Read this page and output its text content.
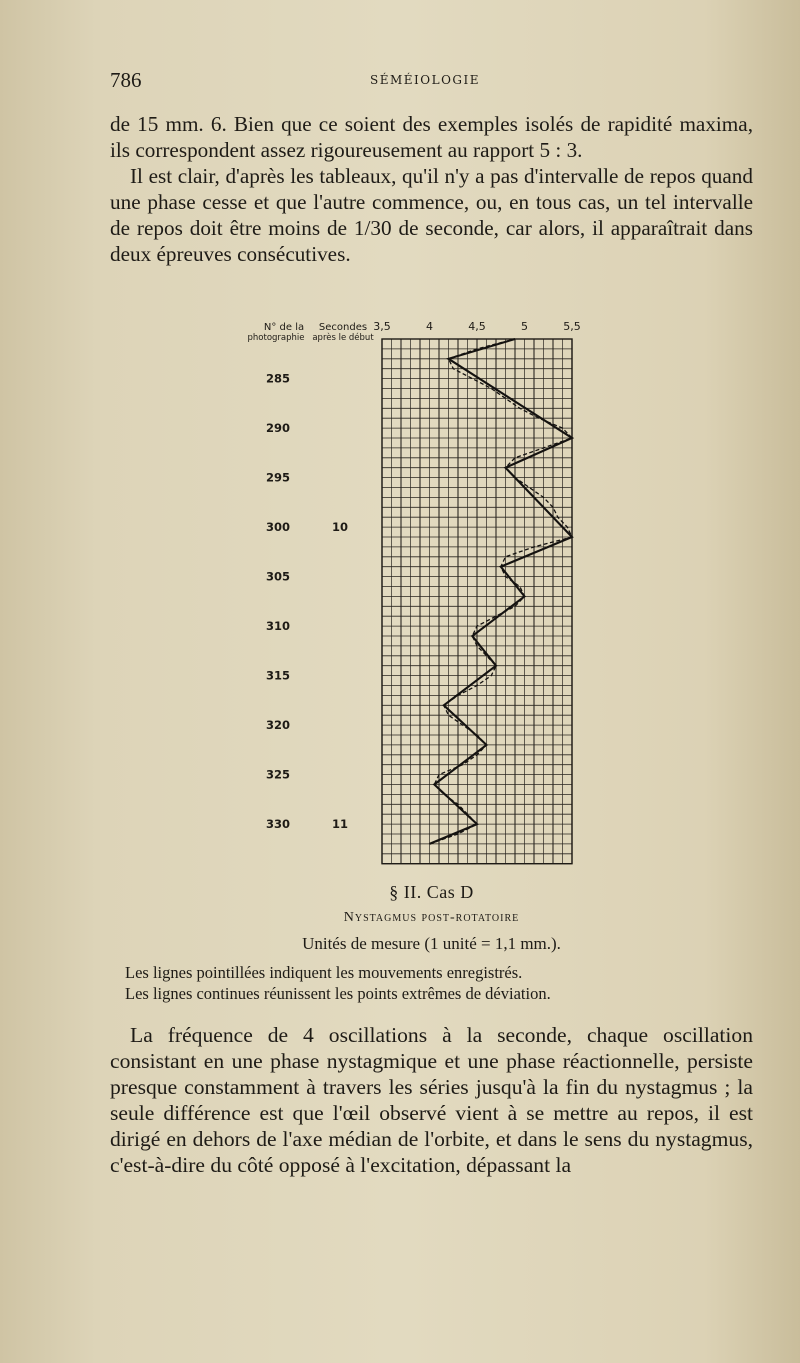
786	SÉMÉIOLOGIE

de 15 mm. 6. Bien que ce soient des exemples isolés de rapidité maxima, ils correspondent assez rigoureusement au rapport 5 : 3.

Il est clair, d'après les tableaux, qu'il n'y a pas d'intervalle de repos quand une phase cesse et que l'autre commence, ou, en tous cas, un tel intervalle de repos doit être moins de 1/30 de seconde, car alors, il apparaîtrait dans deux épreuves consécutives.

N° de la
photographie
Secondes
après le début
3,5	4	4,5	5	5,5
285
290
295
300
305
310
315
320
325
330
10
11
§ II. Cas D
Nystagmus post-rotatoire
Unités de mesure (1 unité = 1,1 mm.).
Les lignes pointillées indiquent les mouvements enregistrés.
Les lignes continues réunissent les points extrêmes de déviation.

La fréquence de 4 oscillations à la seconde, chaque oscillation consistant en une phase nystagmique et une phase réactionnelle, persiste presque constamment à travers les séries jusqu'à la fin du nystagmus ; la seule différence est que l'œil observé vient à se mettre au repos, il est dirigé en dehors de l'axe médian de l'orbite, et dans le sens du nystagmus, c'est-à-dire du côté opposé à l'excitation, dépassant la
